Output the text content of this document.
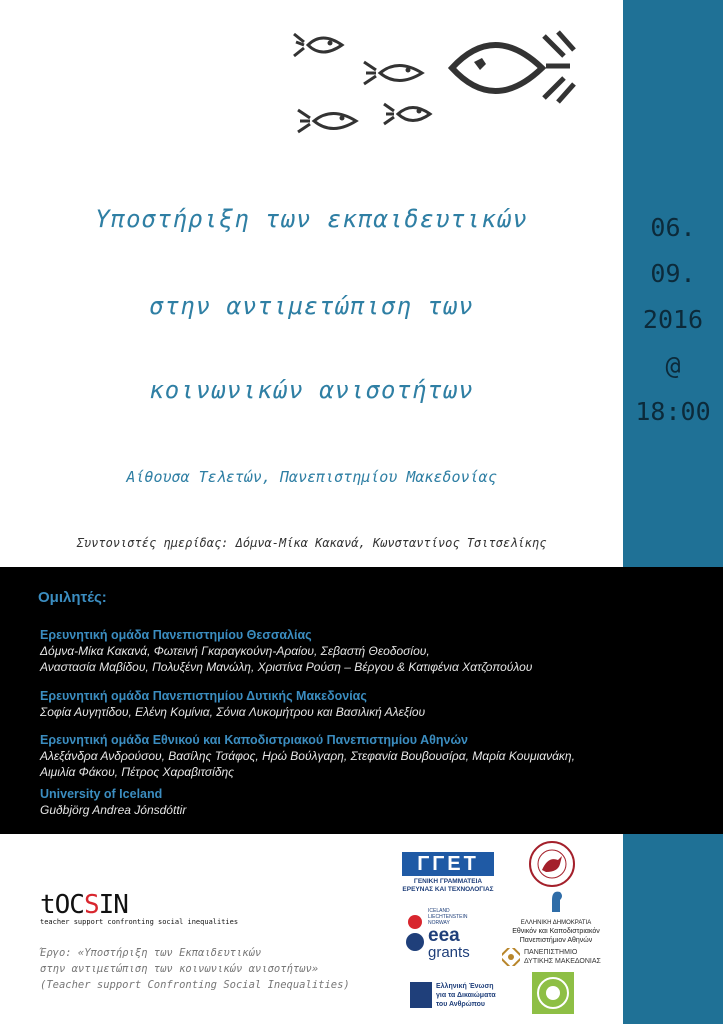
Υποστήριξη των εκπαιδευτικών
στην αντιμετώπιση των
κοινωνικών ανισοτήτων
Αίθουσα Τελετών, Πανεπιστημίου Μακεδονίας
Συντονιστές ημερίδας: Δόμνα-Μίκα Κακανά, Κωνσταντίνος Τσιτσελίκης
06.
09.
2016
@
18:00
Ομιλητές:
Ερευνητική ομάδα Πανεπιστημίου Θεσσαλίας
Δόμνα-Μίκα Κακανά, Φωτεινή Γκαραγκούνη-Αραίου, Σεβαστή Θεοδοσίου,
Αναστασία Μαβίδου, Πολυξένη Μανώλη, Χριστίνα Ρούση – Βέργου & Κατιφένια Χατζοπούλου
Ερευνητική ομάδα Πανεπιστημίου Δυτικής Μακεδονίας
Σοφία Αυγητίδου, Ελένη Κομίνια, Σόνια Λυκομήτρου και Βασιλική Αλεξίου
Ερευνητική ομάδα Εθνικού και Καποδιστριακού Πανεπιστημίου Αθηνών
Αλεξάνδρα Ανδρούσου, Βασίλης Τσάφος, Ηρώ Βούλγαρη, Στεφανία Βουβουσίρα, Μαρία Κουμιανάκη,
Αιμιλία Φάκου, Πέτρος Χαραβιτσίδης
University of Iceland
Guðbjörg Andrea Jónsdóttir
tOCSIN
teacher support confronting social inequalities
Έργο: «Υποστήριξη των Εκπαιδευτικών
στην αντιμετώπιση των κοινωνικών ανισοτήτων»
(Teacher support Confronting Social Inequalities)
ΓΓΕΤ
ΓΕΝΙΚΗ ΓΡΑΜΜΑΤΕΙΑ
ΕΡΕΥΝΑΣ ΚΑΙ ΤΕΧΝΟΛΟΓΙΑΣ
ICELAND
LIECHTENSTEIN
NORWAY
eea
grants
ΕΛΛΗΝΙΚΗ ΔΗΜΟΚΡΑΤΙΑ
Εθνικόν και Καποδιστριακόν
Πανεπιστήμιον Αθηνών
ΠΑΝΕΠΙΣΤΗΜΙΟ
ΔΥΤΙΚΗΣ ΜΑΚΕΔΟΝΙΑΣ
Ελληνική Ένωση
για τα Δικαιώματα
του Ανθρώπου
